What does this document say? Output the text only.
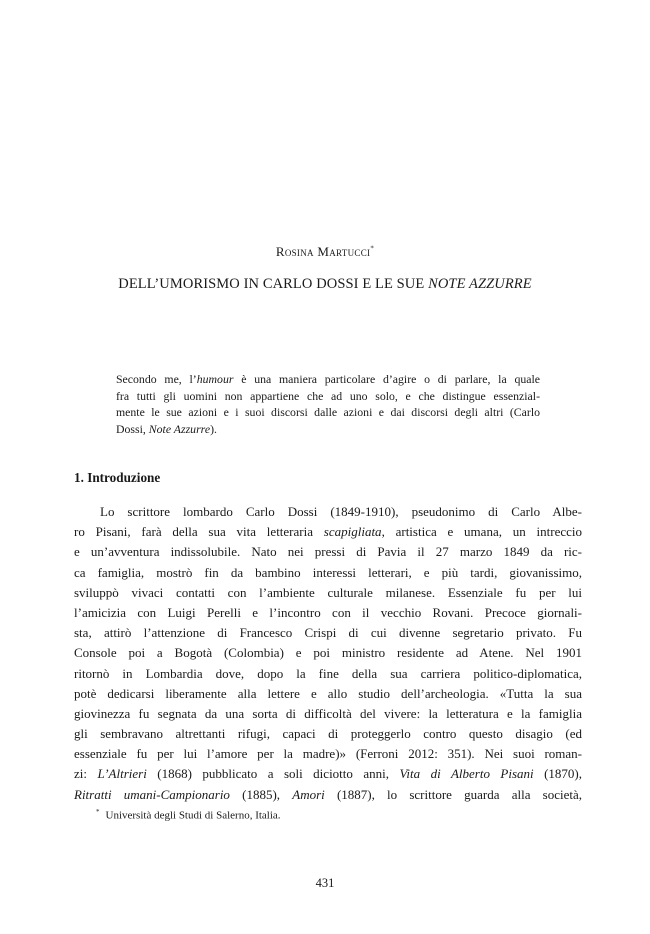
Rosina Martucci*
DELL’UMORISMO IN CARLO DOSSI E LE SUE NOTE AZZURRE
Secondo me, l’humour è una maniera particolare d’agire o di parlare, la quale
fra tutti gli uomini non appartiene che ad uno solo, e che distingue essenzial-
mente le sue azioni e i suoi discorsi dalle azioni e dai discorsi degli altri (Carlo
Dossi, Note Azzurre).
1. Introduzione
Lo scrittore lombardo Carlo Dossi (1849-1910), pseudonimo di Carlo Albe-
ro Pisani, farà della sua vita letteraria scapigliata, artistica e umana, un intreccio
e un’avventura indissolubile. Nato nei pressi di Pavia il 27 marzo 1849 da ric-
ca famiglia, mostrò fin da bambino interessi letterari, e più tardi, giovanissimo,
sviluppò vivaci contatti con l’ambiente culturale milanese. Essenziale fu per lui
l’amicizia con Luigi Perelli e l’incontro con il vecchio Rovani. Precoce giornali-
sta, attirò l’attenzione di Francesco Crispi di cui divenne segretario privato. Fu
Console poi a Bogotà (Colombia) e poi ministro residente ad Atene. Nel 1901
ritornò in Lombardia dove, dopo la fine della sua carriera politico-diplomatica,
potè dedicarsi liberamente alla lettere e allo studio dell’archeologia. «Tutta la sua
giovinezza fu segnata da una sorta di difficoltà del vivere: la letteratura e la famiglia
gli sembravano altrettanti rifugi, capaci di proteggerlo contro questo disagio (ed
essenziale fu per lui l’amore per la madre)» (Ferroni 2012: 351). Nei suoi roman-
zi: L’Altrieri (1868) pubblicato a soli diciotto anni, Vita di Alberto Pisani (1870),
Ritratti umani-Campionario (1885), Amori (1887), lo scrittore guarda alla società,
* Università degli Studi di Salerno, Italia.
431
